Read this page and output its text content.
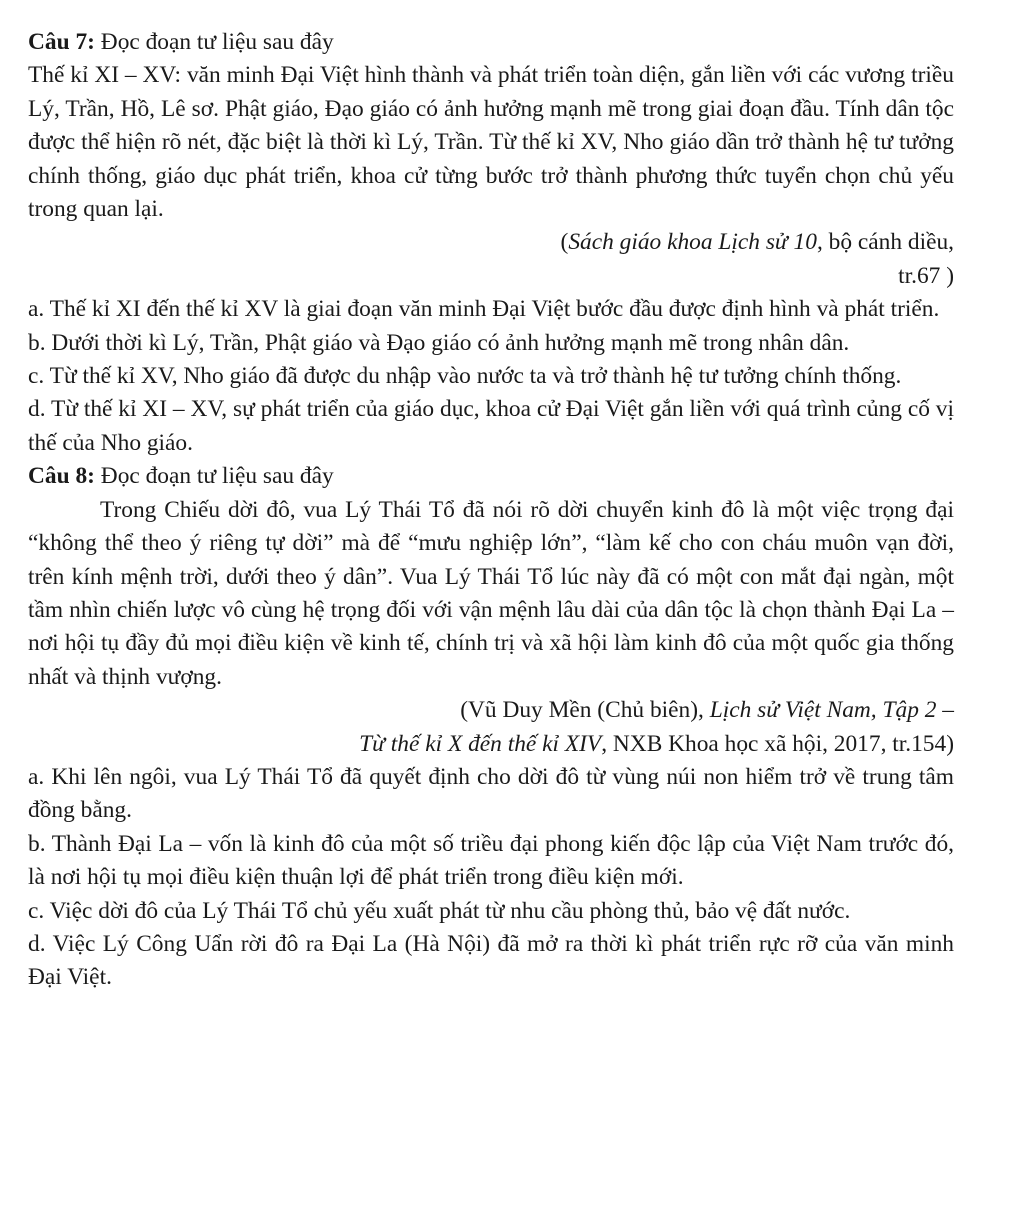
Câu 7: Đọc đoạn tư liệu sau đây

Thế kỉ XI – XV: văn minh Đại Việt hình thành và phát triển toàn diện, gắn liền với các vương triều Lý, Trần, Hồ, Lê sơ. Phật giáo, Đạo giáo có ảnh hưởng mạnh mẽ trong giai đoạn đầu. Tính dân tộc được thể hiện rõ nét, đặc biệt là thời kì Lý, Trần. Từ thế kỉ XV, Nho giáo dần trở thành hệ tư tưởng chính thống, giáo dục phát triển, khoa cử từng bước trở thành phương thức tuyển chọn chủ yếu trong quan lại.

(Sách giáo khoa Lịch sử 10, bộ cánh diều,

tr.67 )

a. Thế kỉ XI đến thế kỉ XV là giai đoạn văn minh Đại Việt bước đầu được định hình và phát triển.

b. Dưới thời kì Lý, Trần, Phật giáo và Đạo giáo có ảnh hưởng mạnh mẽ trong nhân dân.

c. Từ thế kỉ XV, Nho giáo đã được du nhập vào nước ta và trở thành hệ tư tưởng chính thống.

d. Từ thế kỉ XI – XV, sự phát triển của giáo dục, khoa cử Đại Việt gắn liền với quá trình củng cố vị thế của Nho giáo.

Câu 8: Đọc đoạn tư liệu sau đây

Trong Chiếu dời đô, vua Lý Thái Tổ đã nói rõ dời chuyển kinh đô là một việc trọng đại “không thể theo ý riêng tự dời” mà để “mưu nghiệp lớn”, “làm kế cho con cháu muôn vạn đời, trên kính mệnh trời, dưới theo ý dân”. Vua Lý Thái Tổ lúc này đã có một con mắt đại ngàn, một tầm nhìn chiến lược vô cùng hệ trọng đối với vận mệnh lâu dài của dân tộc là chọn thành Đại La – nơi hội tụ đầy đủ mọi điều kiện về kinh tế, chính trị và xã hội làm kinh đô của một quốc gia thống nhất và thịnh vượng.

(Vũ Duy Mền (Chủ biên), Lịch sử Việt Nam, Tập 2 –

Từ thế kỉ X đến thế kỉ XIV, NXB Khoa học xã hội, 2017, tr.154)

a. Khi lên ngôi, vua Lý Thái Tổ đã quyết định cho dời đô từ vùng núi non hiểm trở về trung tâm đồng bằng.

b. Thành Đại La – vốn là kinh đô của một số triều đại phong kiến độc lập của Việt Nam trước đó, là nơi hội tụ mọi điều kiện thuận lợi để phát triển trong điều kiện mới.

c. Việc dời đô của Lý Thái Tổ chủ yếu xuất phát từ nhu cầu phòng thủ, bảo vệ đất nước.

d. Việc Lý Công Uẩn rời đô ra Đại La (Hà Nội) đã mở ra thời kì phát triển rực rỡ của văn minh Đại Việt.
